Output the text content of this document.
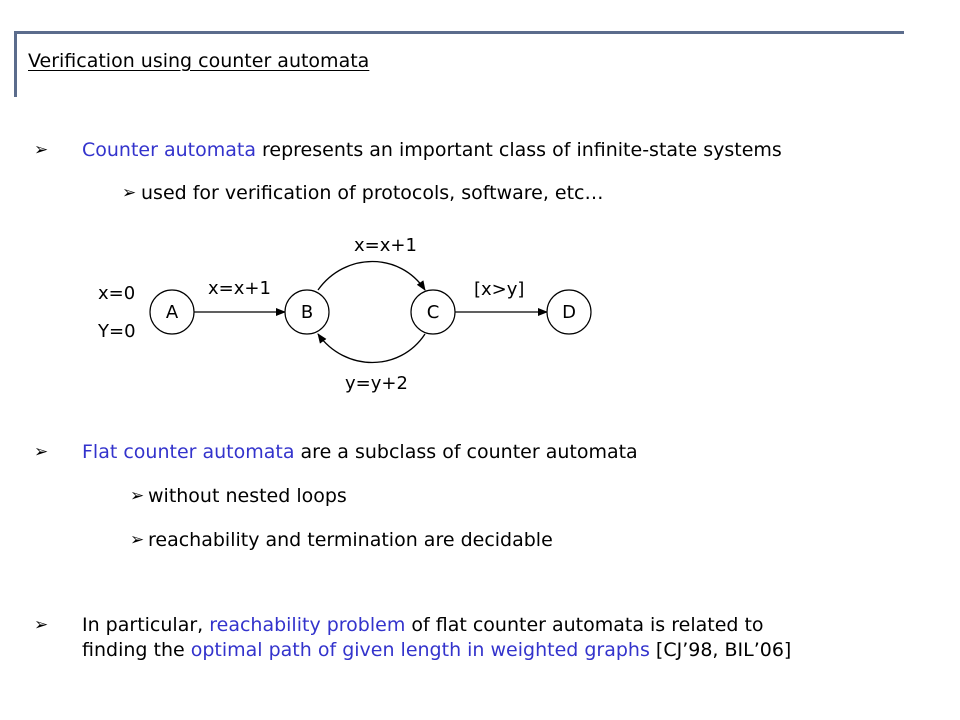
Verification using counter automata
➢ Counter automata represents an important class of infinite-state systems
➢ used for verification of protocols, software, etc…
A	B	C	D
x=0
Y=0
x=x+1
x=x+1
y=y+2
[x>y]
➢ Flat counter automata are a subclass of counter automata
➢ without nested loops
➢ reachability and termination are decidable
➢ In particular, reachability problem of flat counter automata is related to
finding the optimal path of given length in weighted graphs [CJ’98, BIL’06]
